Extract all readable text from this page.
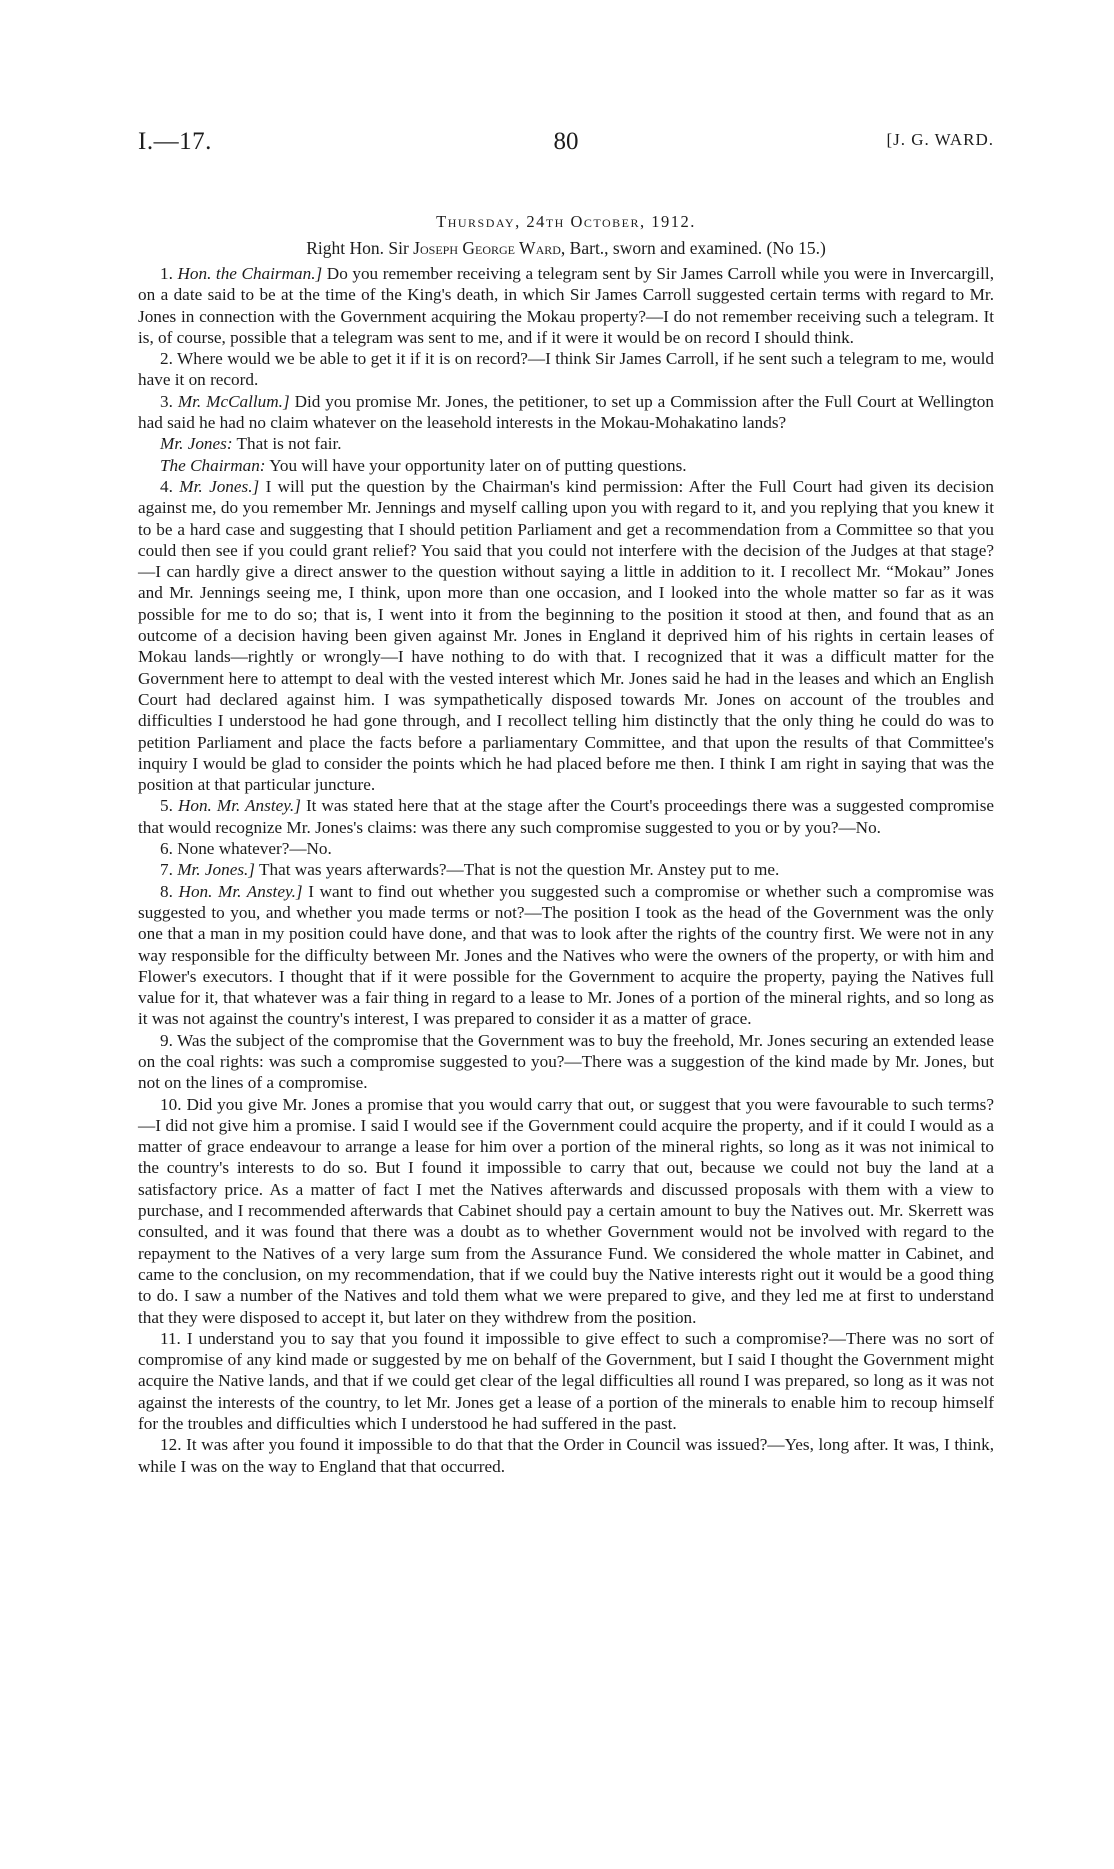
I.—17.	80	[J. G. WARD.
Thursday, 24th October, 1912.
Right Hon. Sir Joseph George Ward, Bart., sworn and examined. (No 15.)

1. Hon. the Chairman.] Do you remember receiving a telegram sent by Sir James Carroll while you were in Invercargill, on a date said to be at the time of the King's death, in which Sir James Carroll suggested certain terms with regard to Mr. Jones in connection with the Government acquiring the Mokau property?—I do not remember receiving such a telegram. It is, of course, possible that a telegram was sent to me, and if it were it would be on record I should think.

2. Where would we be able to get it if it is on record?—I think Sir James Carroll, if he sent such a telegram to me, would have it on record.

3. Mr. McCallum.] Did you promise Mr. Jones, the petitioner, to set up a Commission after the Full Court at Wellington had said he had no claim whatever on the leasehold interests in the Mokau-Mohakatino lands?

Mr. Jones: That is not fair.

The Chairman: You will have your opportunity later on of putting questions.

4. Mr. Jones.] I will put the question by the Chairman's kind permission: After the Full Court had given its decision against me, do you remember Mr. Jennings and myself calling upon you with regard to it, and you replying that you knew it to be a hard case and suggesting that I should petition Parliament and get a recommendation from a Committee so that you could then see if you could grant relief? You said that you could not interfere with the decision of the Judges at that stage?—I can hardly give a direct answer to the question without saying a little in addition to it. I recollect Mr. “Mokau” Jones and Mr. Jennings seeing me, I think, upon more than one occasion, and I looked into the whole matter so far as it was possible for me to do so; that is, I went into it from the beginning to the position it stood at then, and found that as an outcome of a decision having been given against Mr. Jones in England it deprived him of his rights in certain leases of Mokau lands—rightly or wrongly—I have nothing to do with that. I recognized that it was a difficult matter for the Government here to attempt to deal with the vested interest which Mr. Jones said he had in the leases and which an English Court had declared against him. I was sympathetically disposed towards Mr. Jones on account of the troubles and difficulties I understood he had gone through, and I recollect telling him distinctly that the only thing he could do was to petition Parliament and place the facts before a parliamentary Committee, and that upon the results of that Committee's inquiry I would be glad to consider the points which he had placed before me then. I think I am right in saying that was the position at that particular juncture.

5. Hon. Mr. Anstey.] It was stated here that at the stage after the Court's proceedings there was a suggested compromise that would recognize Mr. Jones's claims: was there any such compromise suggested to you or by you?—No.

6. None whatever?—No.

7. Mr. Jones.] That was years afterwards?—That is not the question Mr. Anstey put to me.

8. Hon. Mr. Anstey.] I want to find out whether you suggested such a compromise or whether such a compromise was suggested to you, and whether you made terms or not?—The position I took as the head of the Government was the only one that a man in my position could have done, and that was to look after the rights of the country first. We were not in any way responsible for the difficulty between Mr. Jones and the Natives who were the owners of the property, or with him and Flower's executors. I thought that if it were possible for the Government to acquire the property, paying the Natives full value for it, that whatever was a fair thing in regard to a lease to Mr. Jones of a portion of the mineral rights, and so long as it was not against the country's interest, I was prepared to consider it as a matter of grace.

9. Was the subject of the compromise that the Government was to buy the freehold, Mr. Jones securing an extended lease on the coal rights: was such a compromise suggested to you?—There was a suggestion of the kind made by Mr. Jones, but not on the lines of a compromise.

10. Did you give Mr. Jones a promise that you would carry that out, or suggest that you were favourable to such terms?—I did not give him a promise. I said I would see if the Government could acquire the property, and if it could I would as a matter of grace endeavour to arrange a lease for him over a portion of the mineral rights, so long as it was not inimical to the country's interests to do so. But I found it impossible to carry that out, because we could not buy the land at a satisfactory price. As a matter of fact I met the Natives afterwards and discussed proposals with them with a view to purchase, and I recommended afterwards that Cabinet should pay a certain amount to buy the Natives out. Mr. Skerrett was consulted, and it was found that there was a doubt as to whether Government would not be involved with regard to the repayment to the Natives of a very large sum from the Assurance Fund. We considered the whole matter in Cabinet, and came to the conclusion, on my recommendation, that if we could buy the Native interests right out it would be a good thing to do. I saw a number of the Natives and told them what we were prepared to give, and they led me at first to understand that they were disposed to accept it, but later on they withdrew from the position.

11. I understand you to say that you found it impossible to give effect to such a compromise?—There was no sort of compromise of any kind made or suggested by me on behalf of the Government, but I said I thought the Government might acquire the Native lands, and that if we could get clear of the legal difficulties all round I was prepared, so long as it was not against the interests of the country, to let Mr. Jones get a lease of a portion of the minerals to enable him to recoup himself for the troubles and difficulties which I understood he had suffered in the past.

12. It was after you found it impossible to do that that the Order in Council was issued?—Yes, long after. It was, I think, while I was on the way to England that that occurred.
